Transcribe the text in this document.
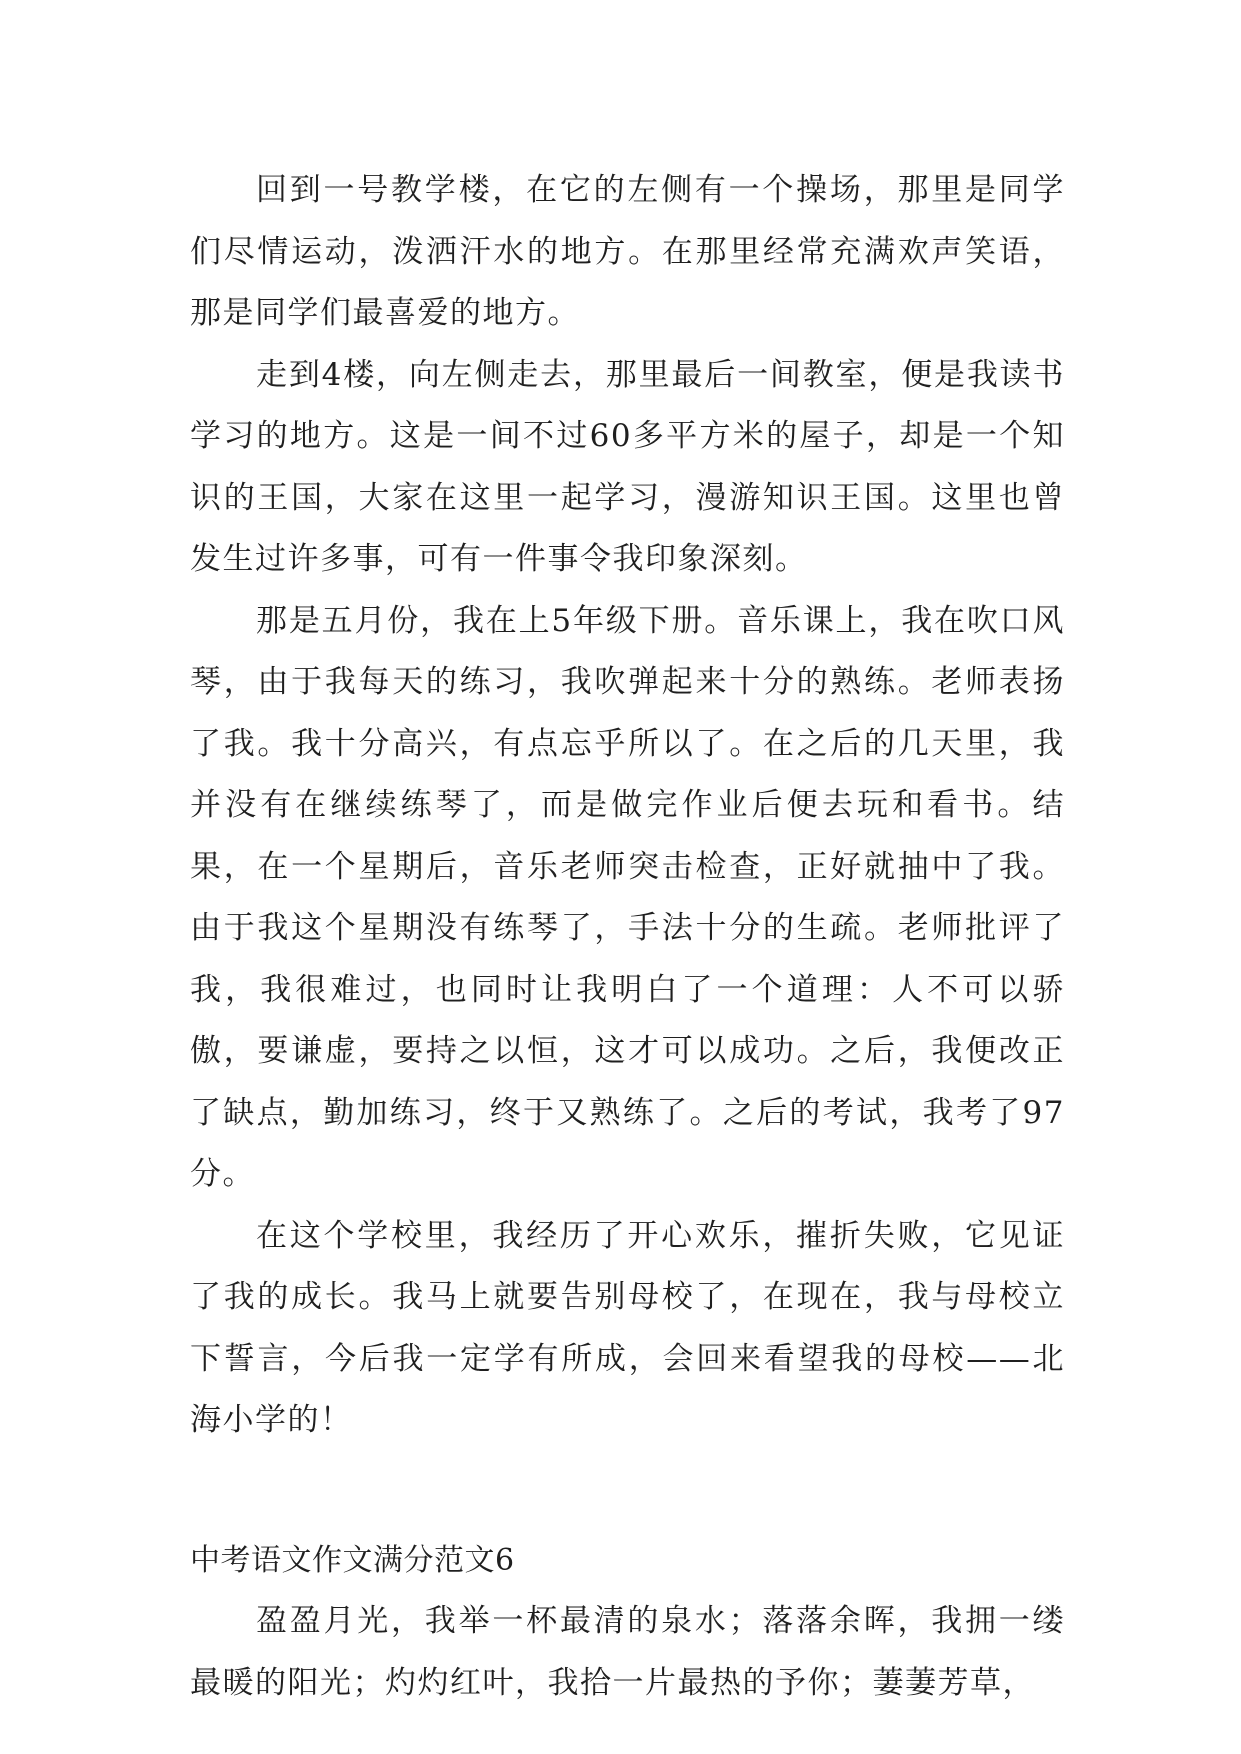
回到一号教学楼，在它的左侧有一个操场，那里是同学们尽情运动，泼洒汗水的地方。在那里经常充满欢声笑语，那是同学们最喜爱的地方。

走到4楼，向左侧走去，那里最后一间教室，便是我读书学习的地方。这是一间不过60多平方米的屋子，却是一个知识的王国，大家在这里一起学习，漫游知识王国。这里也曾发生过许多事，可有一件事令我印象深刻。

那是五月份，我在上5年级下册。音乐课上，我在吹口风琴，由于我每天的练习，我吹弹起来十分的熟练。老师表扬了我。我十分高兴，有点忘乎所以了。在之后的几天里，我并没有在继续练琴了，而是做完作业后便去玩和看书。结果，在一个星期后，音乐老师突击检查，正好就抽中了我。由于我这个星期没有练琴了，手法十分的生疏。老师批评了我，我很难过，也同时让我明白了一个道理：人不可以骄傲，要谦虚，要持之以恒，这才可以成功。之后，我便改正了缺点，勤加练习，终于又熟练了。之后的考试，我考了97分。

在这个学校里，我经历了开心欢乐，摧折失败，它见证了我的成长。我马上就要告别母校了，在现在，我与母校立下誓言，今后我一定学有所成，会回来看望我的母校——北海小学的！

中考语文作文满分范文6

盈盈月光，我举一杯最清的泉水；落落余晖，我拥一缕最暖的阳光；灼灼红叶，我拾一片最热的予你；萋萋芳草，
